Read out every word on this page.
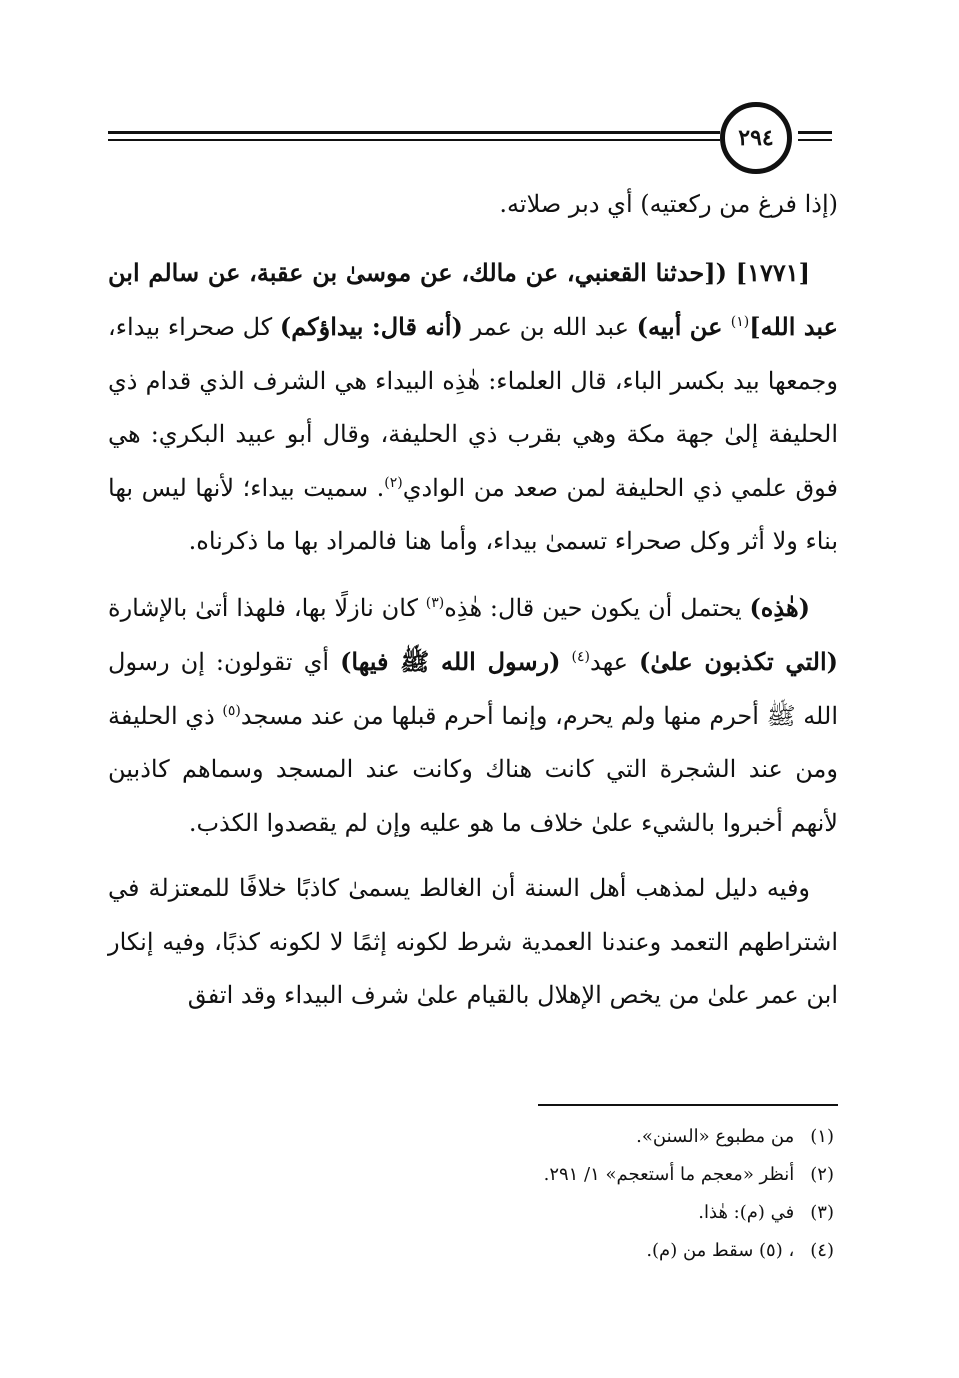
٢٩٤

(إذا فرغ من ركعتيه) أي دبر صلاته.

[١٧٧١] ([حدثنا القعنبي، عن مالك، عن موسىٰ بن عقبة، عن سالم ابن عبد الله]$^{(١)}$ عن أبيه) عبد الله بن عمر (أنه قال: بيداؤكم) كل صحراء بيداء، وجمعها بيد بكسر الباء، قال العلماء: هٰذِه البيداء هي الشرف الذي قدام ذي الحليفة إلىٰ جهة مكة وهي بقرب ذي الحليفة، وقال أبو عبيد البكري: هي فوق علمي ذي الحليفة لمن صعد من الوادي$^{(٢)}$. سميت بيداء؛ لأنها ليس بها بناء ولا أثر وكل صحراء تسمىٰ بيداء، وأما هنا فالمراد بها ما ذكرناه.

(هٰذِه) يحتمل أن يكون حين قال: هٰذِه$^{(٣)}$ كان نازلًا بها، فلهذا أتىٰ بالإشارة (التي تكذبون علىٰ) عهد$^{(٤)}$ (رسول الله ﷺ فيها) أي تقولون: إن رسول الله ﷺ أحرم منها ولم يحرم، وإنما أحرم قبلها من عند مسجد$^{(٥)}$ ذي الحليفة ومن عند الشجرة التي كانت هناك وكانت عند المسجد وسماهم كاذبين لأنهم أخبروا بالشيء علىٰ خلاف ما هو عليه وإن لم يقصدوا الكذب.

وفيه دليل لمذهب أهل السنة أن الغالط يسمىٰ كاذبًا خلافًا للمعتزلة في اشتراطهم التعمد وعندنا العمدية شرط لكونه إثمًا لا لكونه كذبًا، وفيه إنكار ابن عمر علىٰ من يخص الإهلال بالقيام علىٰ شرف البيداء وقد اتفق

(١) من مطبوع «السنن».
(٢) أنظر «معجم ما أستعجم» ١/ ٢٩١.
(٣) في (م): هٰذا.
(٤) ، (٥) سقط من (م).
